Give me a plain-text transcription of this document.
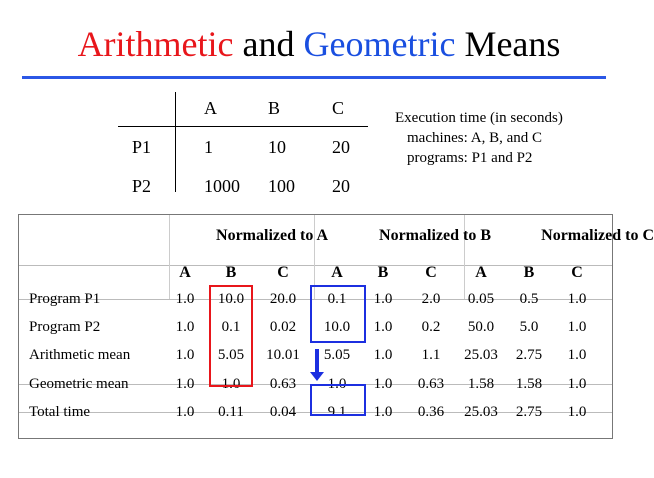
Arithmetic and Geometric Means
A	B	C
P1	1	10	20
P2	1000 100 20
Execution time (in seconds)
machines: A, B, and C
programs: P1 and P2
Normalized to A	Normalized to B	Normalized to C
A B	C	A B C A B C
Program P1	1.0 10.0 20.0 0.1 1.0 2.0 0.05 0.5 1.0
Program P2	1.0 0.1 0.02 10.0 1.0 0.2 50.0 5.0 1.0
Arithmetic mean	1.0 5.05 10.01 5.05 1.0 1.1 25.03 2.75 1.0
Geometric mean	1.0 1.0 0.63 1.0 1.0 0.63 1.58 1.58 1.0
Total time	1.0 0.11 0.04 9.1 1.0 0.36 25.03 2.75 1.0
